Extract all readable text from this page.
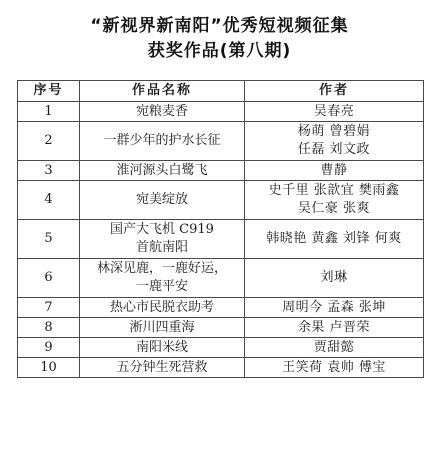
“新视界新南阳”优秀短视频征集
获奖作品(第八期)
序号	作品名称	作者
1	宛粮麦香	吴春亮

2	一群少年的护水长征	杨萌 曾碧娟
任磊 刘文政

3	淮河源头白鹭飞	曹静

4	宛美绽放	史千里 张歆宜 樊雨鑫
吴仁豪 张爽

5	国产大飞机 C919
首航南阳	韩晓艳 黄鑫 刘锋 何爽

6	林深见鹿，一鹿好运，
一鹿平安	刘琳

7	热心市民脱衣助考	周明今 孟森 张坤

8	淅川四重海	余果 卢晋荣

9	南阳米线	贾甜懿

10	五分钟生死营救	王笑荷 袁帅 傅宝
